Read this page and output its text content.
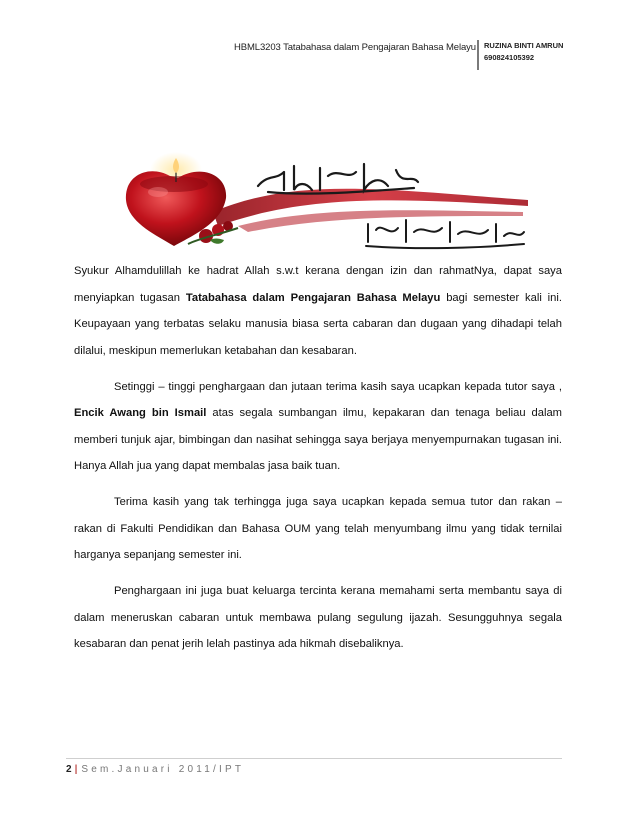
HBML3203 Tatabahasa dalam Pengajaran Bahasa Melayu RUZINA BINTI AMRUN
690824105392

Syukur Alhamdulillah ke hadrat Allah s.w.t kerana dengan izin dan rahmatNya, dapat saya menyiapkan tugasan Tatabahasa dalam Pengajaran Bahasa Melayu bagi semester kali ini. Keupayaan yang terbatas selaku manusia biasa serta cabaran dan dugaan yang dihadapi telah dilalui, meskipun memerlukan ketabahan dan kesabaran.

Setinggi – tinggi penghargaan dan jutaan terima kasih saya ucapkan kepada tutor saya , Encik Awang bin Ismail atas segala sumbangan ilmu, kepakaran dan tenaga beliau dalam memberi tunjuk ajar, bimbingan dan nasihat sehingga saya berjaya menyempurnakan tugasan ini. Hanya Allah jua yang dapat membalas jasa baik tuan.

Terima kasih yang tak terhingga juga saya ucapkan kepada semua tutor dan rakan – rakan di Fakulti Pendidikan dan Bahasa OUM yang telah menyumbang ilmu yang tidak ternilai harganya sepanjang semester ini.

Penghargaan ini juga buat keluarga tercinta kerana memahami serta membantu saya di dalam meneruskan cabaran untuk membawa pulang segulung ijazah. Sesungguhnya segala kesabaran dan penat jerih lelah pastinya ada hikmah disebaliknya.

2 | Sem.Januari 2011/IPT
